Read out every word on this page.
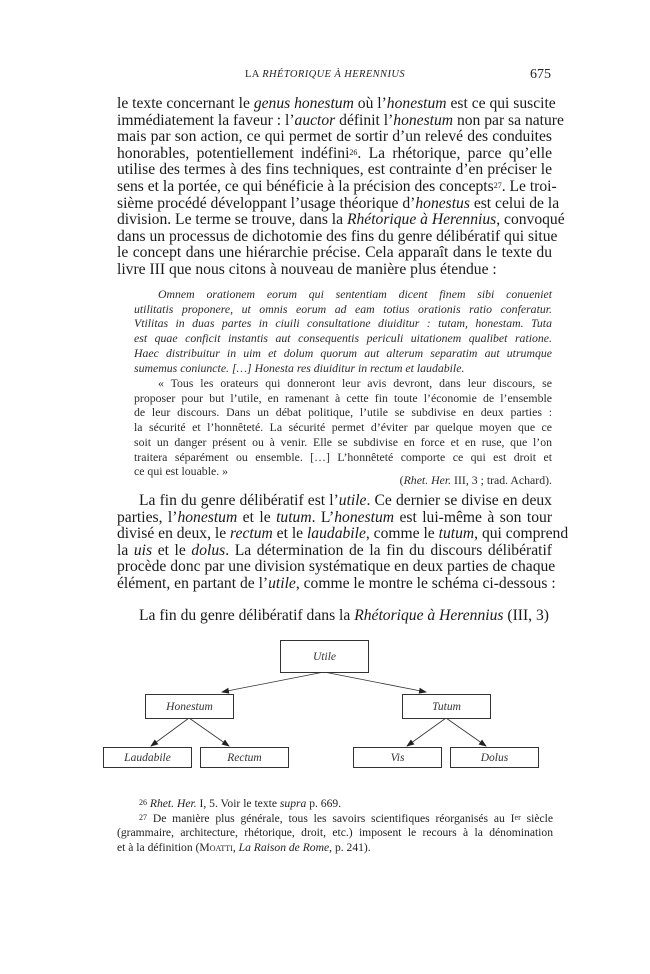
LA RHÉTORIQUE À HERENNIUS	675
le texte concernant le genus honestum où l’honestum est ce qui suscite
immédiatement la faveur : l’auctor définit l’honestum non par sa nature
mais par son action, ce qui permet de sortir d’un relevé des conduites
honorables, potentiellement indéfini$^{26}$. La rhétorique, parce qu’elle
utilise des termes à des fins techniques, est contrainte d’en préciser le
sens et la portée, ce qui bénéficie à la précision des concepts$^{27}$. Le troi-
sième procédé développant l’usage théorique d’honestus est celui de la
division. Le terme se trouve, dans la Rhétorique à Herennius, convoqué
dans un processus de dichotomie des fins du genre délibératif qui situe
le concept dans une hiérarchie précise. Cela apparaît dans le texte du
livre III que nous citons à nouveau de manière plus étendue :
Omnem orationem eorum qui sententiam dicent finem sibi conueniet
utilitatis proponere, ut omnis eorum ad eam totius orationis ratio conferatur.
Vtilitas in duas partes in ciuili consultatione diuiditur : tutam, honestam. Tuta
est quae conficit instantis aut consequentis periculi uitationem qualibet ratione.
Haec distribuitur in uim et dolum quorum aut alterum separatim aut utrumque
sumemus coniuncte. […] Honesta res diuiditur in rectum et laudabile.
« Tous les orateurs qui donneront leur avis devront, dans leur discours, se
proposer pour but l’utile, en ramenant à cette fin toute l’économie de l’ensemble
de leur discours. Dans un débat politique, l’utile se subdivise en deux parties :
la sécurité et l’honnêteté. La sécurité permet d’éviter par quelque moyen que ce
soit un danger présent ou à venir. Elle se subdivise en force et en ruse, que l’on
traitera séparément ou ensemble. […] L’honnêteté comporte ce qui est droit et
ce qui est louable. »
(Rhet. Her. III, 3 ; trad. Achard).
La fin du genre délibératif est l’utile. Ce dernier se divise en deux
parties, l’honestum et le tutum. L’honestum est lui-même à son tour
divisé en deux, le rectum et le laudabile, comme le tutum, qui comprend
la uis et le dolus. La détermination de la fin du discours délibératif
procède donc par une division systématique en deux parties de chaque
élément, en partant de l’utile, comme le montre le schéma ci-dessous :
La fin du genre délibératif dans la Rhétorique à Herennius (III, 3)
Utile
Honestum	Tutum
Laudabile	Rectum	Vis	Dolus
$^{26}$ Rhet. Her. I, 5. Voir le texte supra p. 669.
$^{27}$ De manière plus générale, tous les savoirs scientifiques réorganisés au Ier siècle
(grammaire, architecture, rhétorique, droit, etc.) imposent le recours à la dénomination
et à la définition (Moatti, La Raison de Rome, p. 241).
